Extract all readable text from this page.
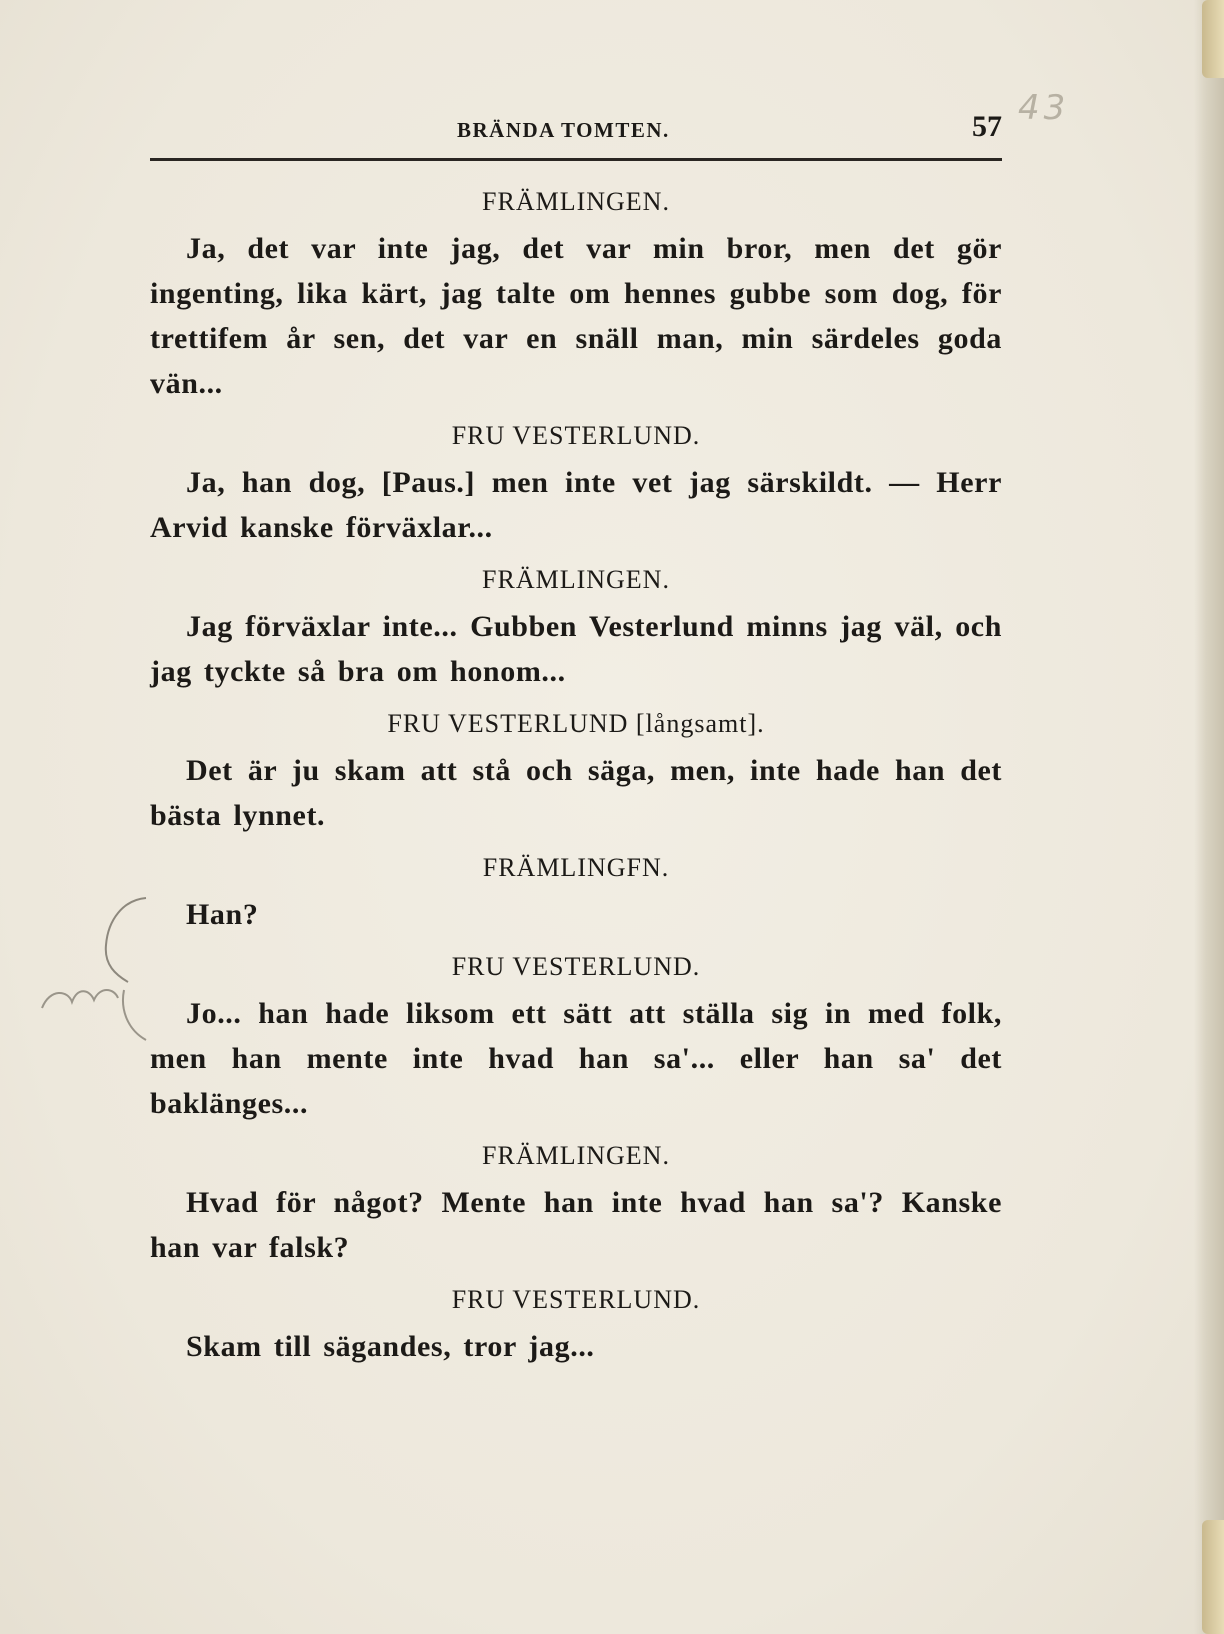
BRÄNDA TOMTEN.	57 43
FRÄMLINGEN.

Ja, det var inte jag, det var min bror, men det gör ingenting, lika kärt, jag talte om hennes gubbe som dog, för trettifem år sen, det var en snäll man, min särdeles goda vän...

FRU VESTERLUND.

Ja, han dog, [Paus.] men inte vet jag särskildt. — Herr Arvid kanske förväxlar...

FRÄMLINGEN.

Jag förväxlar inte... Gubben Vesterlund minns jag väl, och jag tyckte så bra om honom...

FRU VESTERLUND [långsamt].

Det är ju skam att stå och säga, men, inte hade han det bästa lynnet.

FRÄMLINGFN.

Han?

FRU VESTERLUND.

Jo... han hade liksom ett sätt att ställa sig in med folk, men han mente inte hvad han sa'... eller han sa' det baklänges...

FRÄMLINGEN.

Hvad för något? Mente han inte hvad han sa'? Kanske han var falsk?

FRU VESTERLUND.

Skam till sägandes, tror jag...
